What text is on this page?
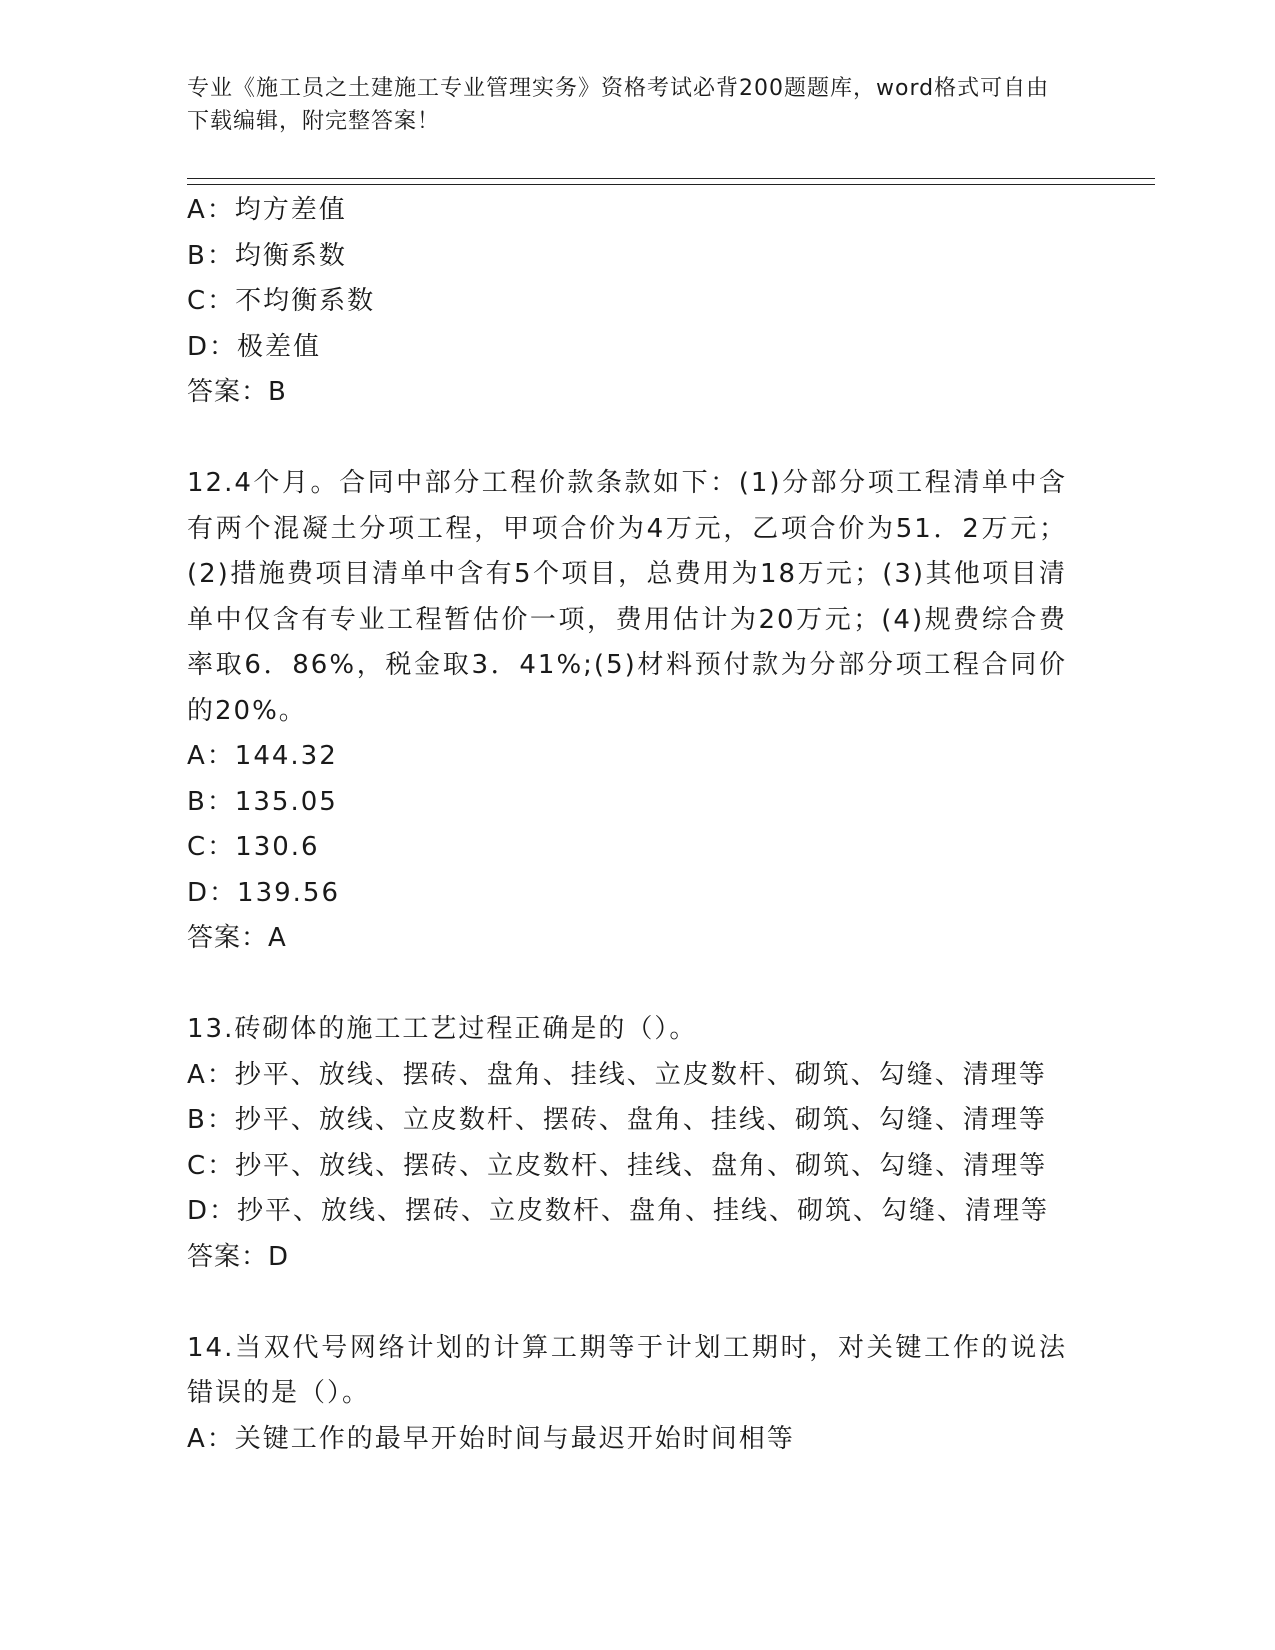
专业《施工员之土建施工专业管理实务》资格考试必背200题题库，word格式可自由下载编辑，附完整答案！
A：均方差值
B：均衡系数
C：不均衡系数
D：极差值
答案：B
12.4个月。合同中部分工程价款条款如下：(1)分部分项工程清单中含有两个混凝土分项工程，甲项合价为4万元，乙项合价为51．2万元；(2)措施费项目清单中含有5个项目，总费用为18万元；(3)其他项目清单中仅含有专业工程暂估价一项，费用估计为20万元；(4)规费综合费率取6．86%，税金取3．41%;(5)材料预付款为分部分项工程合同价的20%。
A：144.32
B：135.05
C：130.6
D：139.56
答案：A
13.砖砌体的施工工艺过程正确是的（）。
A：抄平、放线、摆砖、盘角、挂线、立皮数杆、砌筑、勾缝、清理等
B：抄平、放线、立皮数杆、摆砖、盘角、挂线、砌筑、勾缝、清理等
C：抄平、放线、摆砖、立皮数杆、挂线、盘角、砌筑、勾缝、清理等
D：抄平、放线、摆砖、立皮数杆、盘角、挂线、砌筑、勾缝、清理等
答案：D
14.当双代号网络计划的计算工期等于计划工期时，对关键工作的说法错误的是（）。
A：关键工作的最早开始时间与最迟开始时间相等
